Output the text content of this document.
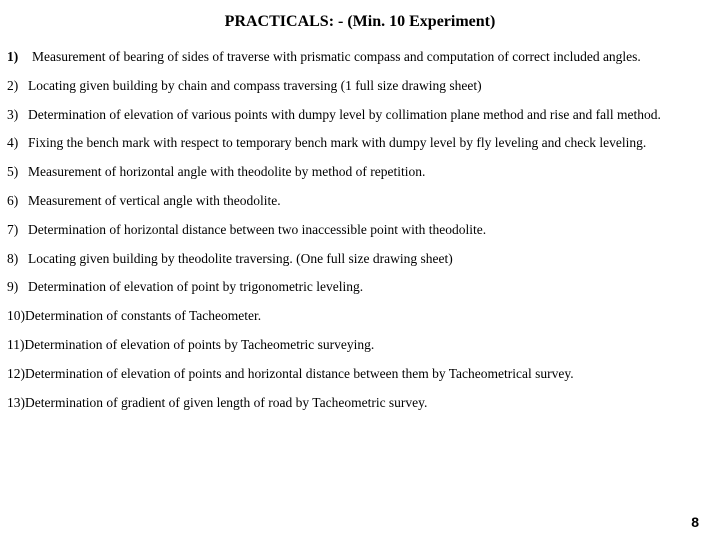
PRACTICALS: - (Min. 10 Experiment)
1) Measurement of bearing of sides of traverse with prismatic compass and computation of correct included angles.
2) Locating given building by chain and compass traversing (1 full size drawing sheet)
3) Determination of elevation of various points with dumpy level by collimation plane method and rise and fall method.
4) Fixing the bench mark with respect to temporary bench mark with dumpy level by fly leveling and check leveling.
5) Measurement of horizontal angle with theodolite by method of repetition.
6) Measurement of vertical angle with theodolite.
7) Determination of horizontal distance between two inaccessible point with theodolite.
8) Locating given building by theodolite traversing. (One full size drawing sheet)
9) Determination of elevation of point by trigonometric leveling.
10)Determination of constants of Tacheometer.
11)Determination of elevation of points by Tacheometric surveying.
12)Determination of elevation of points and horizontal distance between them by Tacheometrical survey.
13)Determination of gradient of given length of road by Tacheometric survey.
8
